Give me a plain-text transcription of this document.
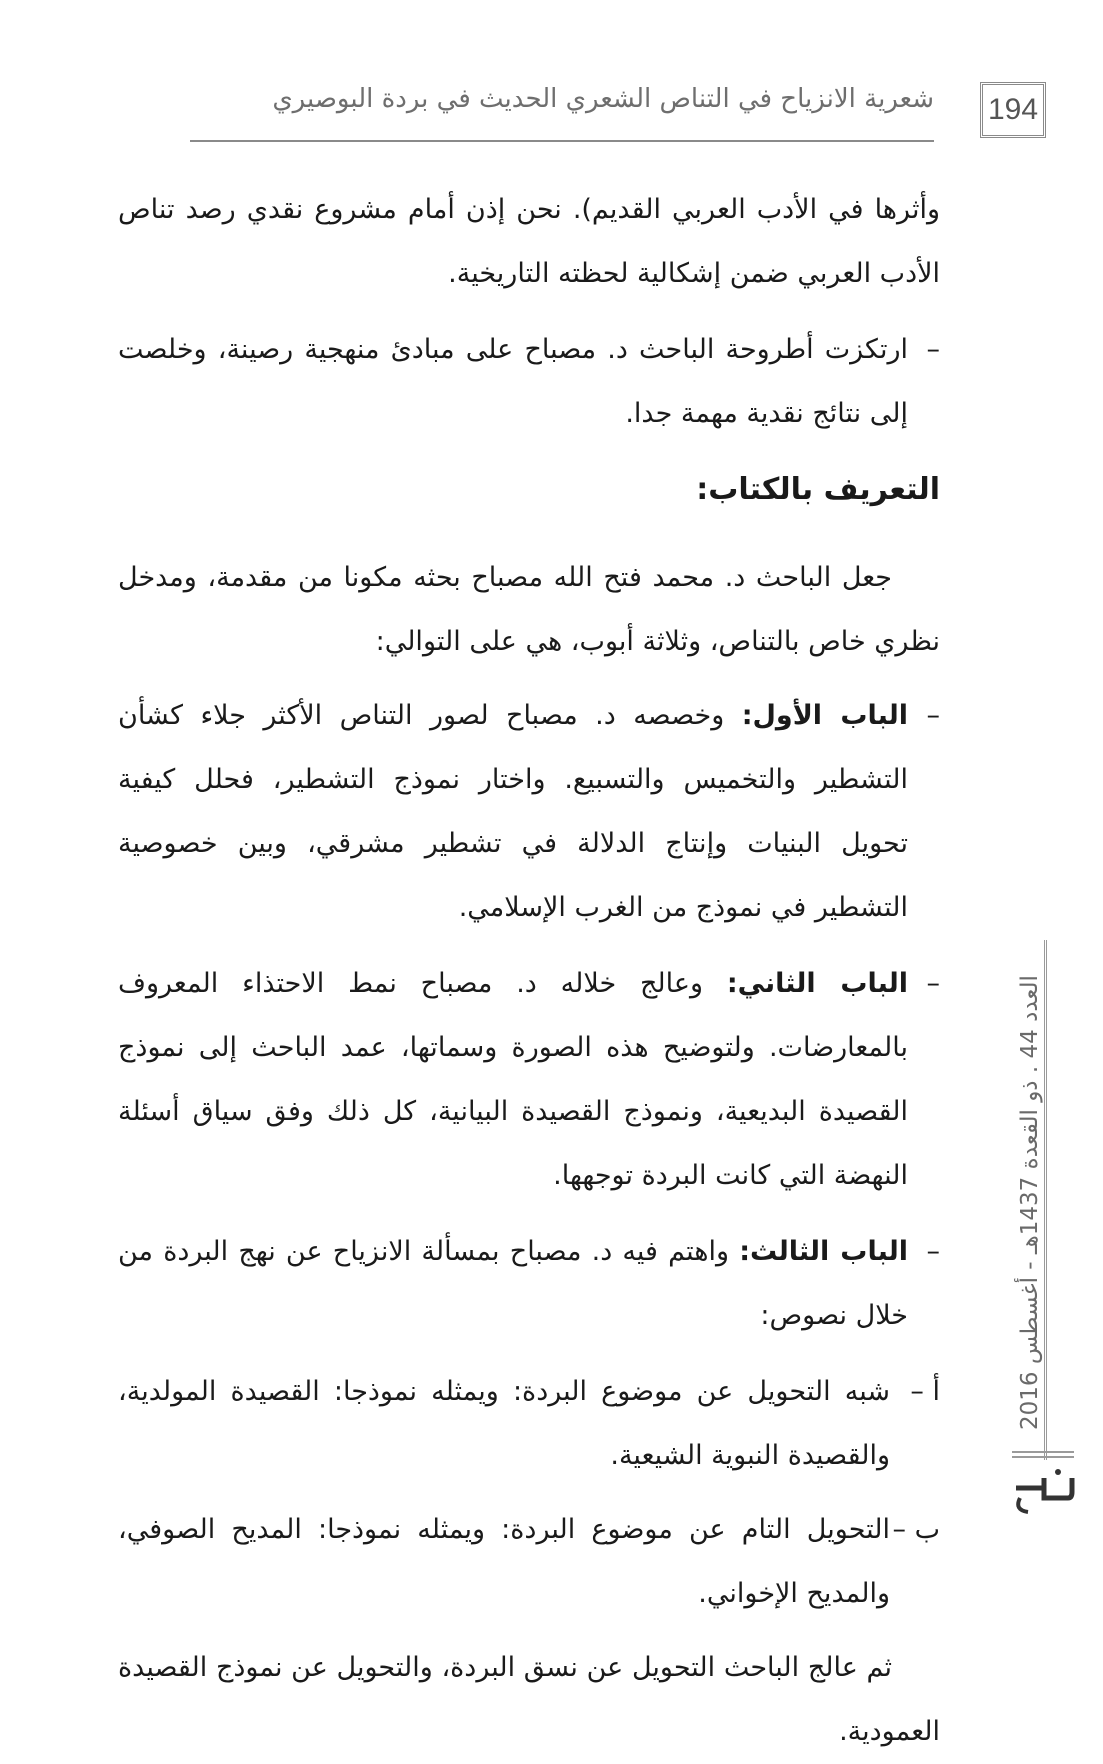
شعرية الانزياح في التناص الشعري الحديث في بردة البوصيري 194

وأثرها في الأدب العربي القديم). نحن إذن أمام مشروع نقدي رصد تناص الأدب العربي ضمن إشكالية لحظته التاريخية.

– ارتكزت أطروحة الباحث د. مصباح على مبادئ منهجية رصينة، وخلصت إلى نتائج نقدية مهمة جدا.

التعريف بالكتاب:

جعل الباحث د. محمد فتح الله مصباح بحثه مكونا من مقدمة، ومدخل نظري خاص بالتناص، وثلاثة أبوب، هي على التوالي:

– الباب الأول: وخصصه د. مصباح لصور التناص الأكثر جلاء كشأن التشطير والتخميس والتسبيع. واختار نموذج التشطير، فحلل كيفية تحويل البنيات وإنتاج الدلالة في تشطير مشرقي، وبين خصوصية التشطير في نموذج من الغرب الإسلامي.

– الباب الثاني: وعالج خلاله د. مصباح نمط الاحتذاء المعروف بالمعارضات. ولتوضيح هذه الصورة وسماتها، عمد الباحث إلى نموذج القصيدة البديعية، ونموذج القصيدة البيانية، كل ذلك وفق سياق أسئلة النهضة التي كانت البردة توجهها.

– الباب الثالث: واهتم فيه د. مصباح بمسألة الانزياح عن نهج البردة من خلال نصوص:

أ –
شبه التحويل عن موضوع البردة: ويمثله نموذجا: القصيدة المولدية، والقصيدة النبوية الشيعية.

ب –
التحويل التام عن موضوع البردة: ويمثله نموذجا: المديح الصوفي، والمديح الإخواني.

ثم عالج الباحث التحويل عن نسق البردة، والتحويل عن نموذج القصيدة العمودية.

العدد 44 . ذو القعدة 1437هـ - أغسطس 2016
